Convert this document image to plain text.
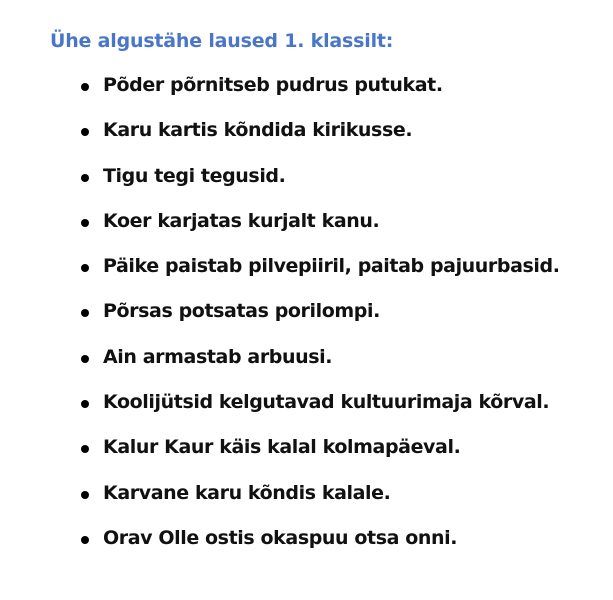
Ühe algustähe laused 1. klassilt:
Põder põrnitseb pudrus putukat.
Karu kartis kõndida kirikusse.
Tigu tegi tegusid.
Koer karjatas kurjalt kanu.
Päike paistab pilvepiiril, paitab pajuurbasid.
Põrsas potsatas porilompi.
Ain armastab arbuusi.
Koolijütsid kelgutavad kultuurimaja kõrval.
Kalur Kaur käis kalal kolmapäeval.
Karvane karu kõndis kalale.
Orav Olle ostis okaspuu otsa onni.
